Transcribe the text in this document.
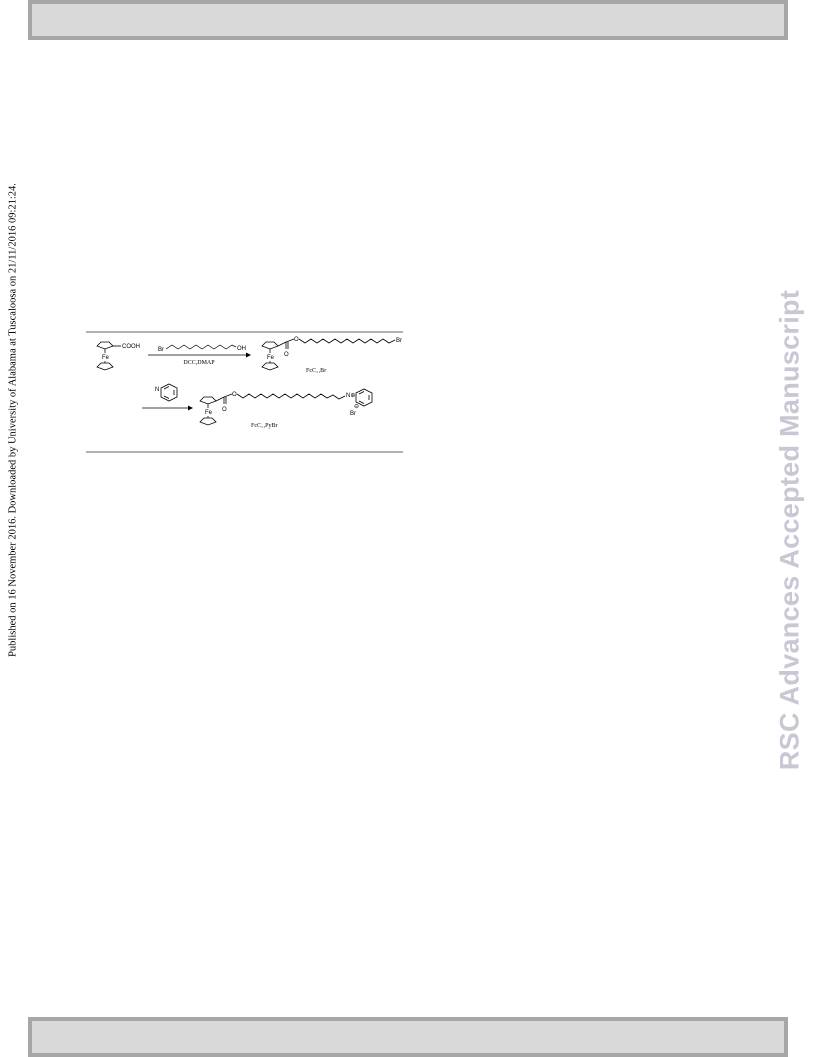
Published on 16 November 2016. Downloaded by University of Alabama at Tuscaloosa on 21/11/2016 09:21:24.	RSC Advances Accepted Manuscript
Fe
COOH	Br	OH
DCC,DMAP
O
O
Fe
Br
FcC₁₁Br
N
O
O
Fe
N⊕
Br
⊖
FcC₁₁PyBr
